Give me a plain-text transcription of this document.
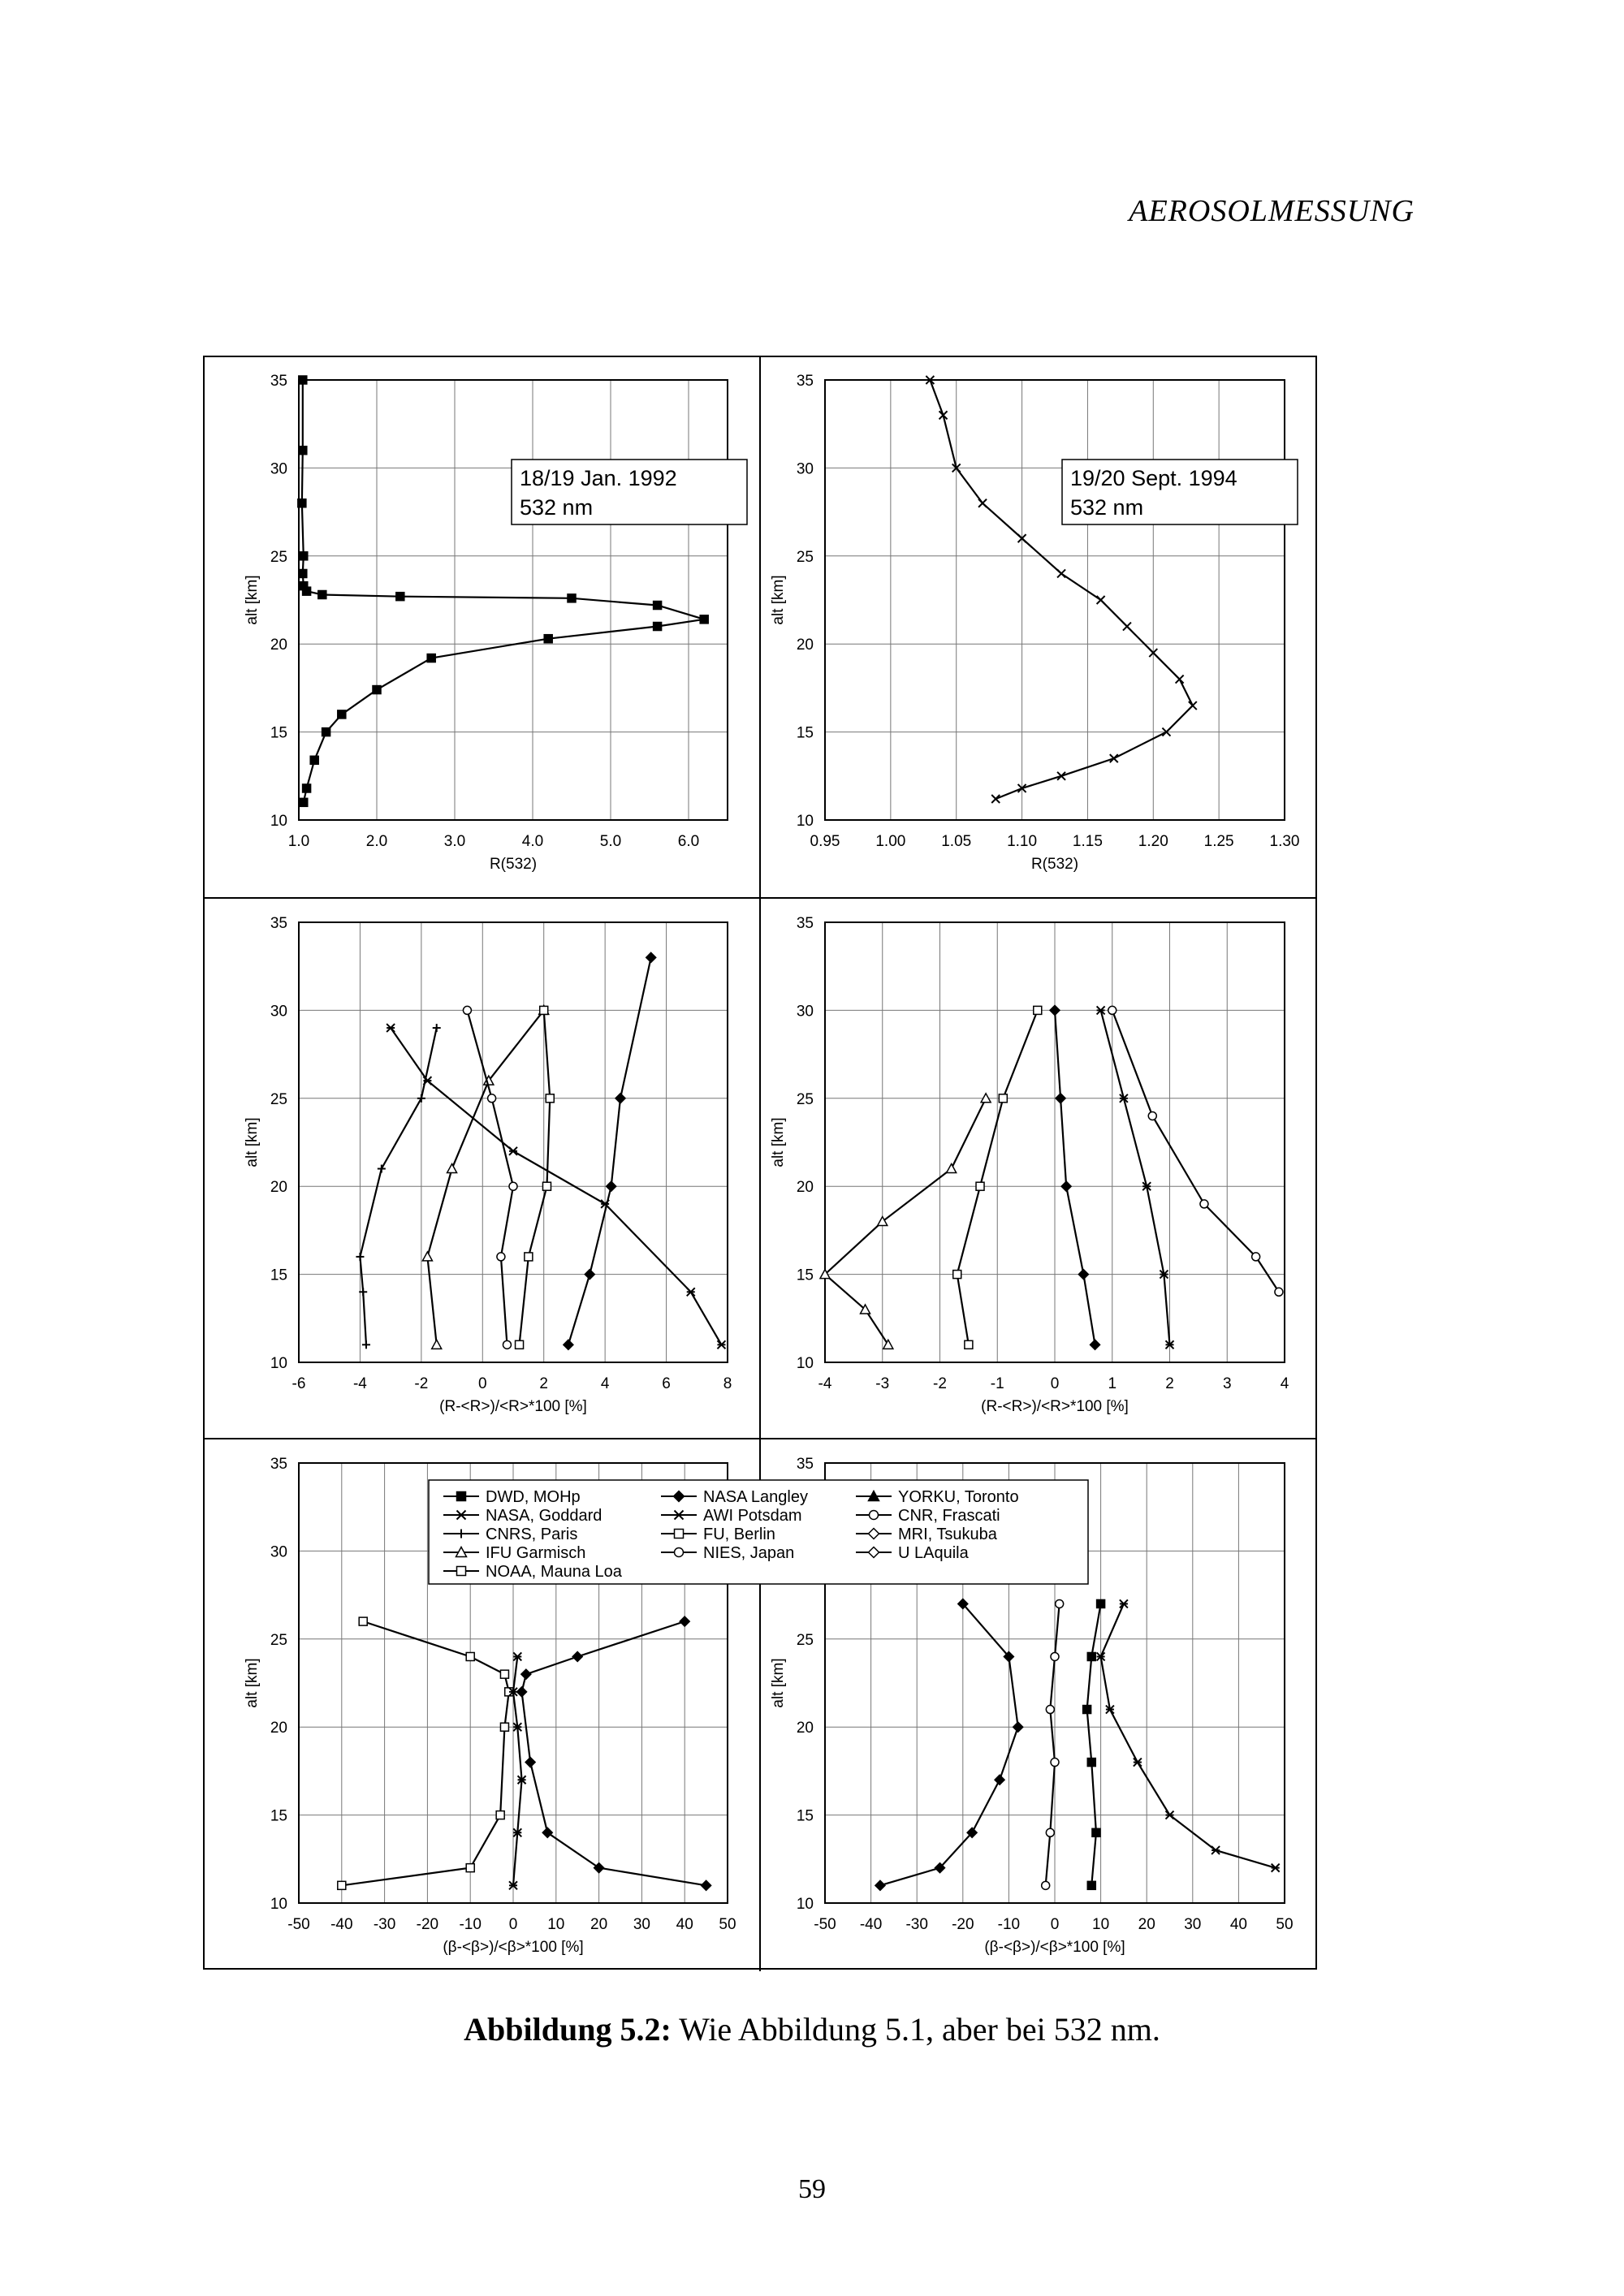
AEROSOLMESSUNG
1.0	2.0	3.0	4.0	5.0	6.0
10
15
20
25
30
35
R(532)
alt [km]
18/19 Jan. 1992
532 nm
0.95 1.00 1.05 1.10 1.15 1.20 1.25 1.30
10
15
20
25
30
35
R(532)
alt [km]
19/20 Sept. 1994
532 nm
-6	-4	-2	0	2	4	6	8
10
15
20
25
30
35
(R-<R>)/<R>*100 [%]
alt [km]
-4	-3	-2	-1	0	1	2	3	4
10
15
20
25
30
35
(R-<R>)/<R>*100 [%]
alt [km]
-50 -40 -30 -20 -10 0 10 20 30 40 50
10
15
20
25
30
35
(β-<β>)/<β>*100 [%]
alt [km]
-50 -40 -30 -20 -10 0 10 20 30 40 50
10
15
20
25
35
(β-<β>)/<β>*100 [%]
alt [km]
DWD, MOHp	NASA Langley	YORKU, Toronto
NASA, Goddard	AWI Potsdam	CNR, Frascati
CNRS, Paris	FU, Berlin	MRI, Tsukuba
IFU Garmisch	NIES, Japan	U LAquila
NOAA, Mauna Loa
Abbildung 5.2: Wie Abbildung 5.1, aber bei 532 nm.
59
